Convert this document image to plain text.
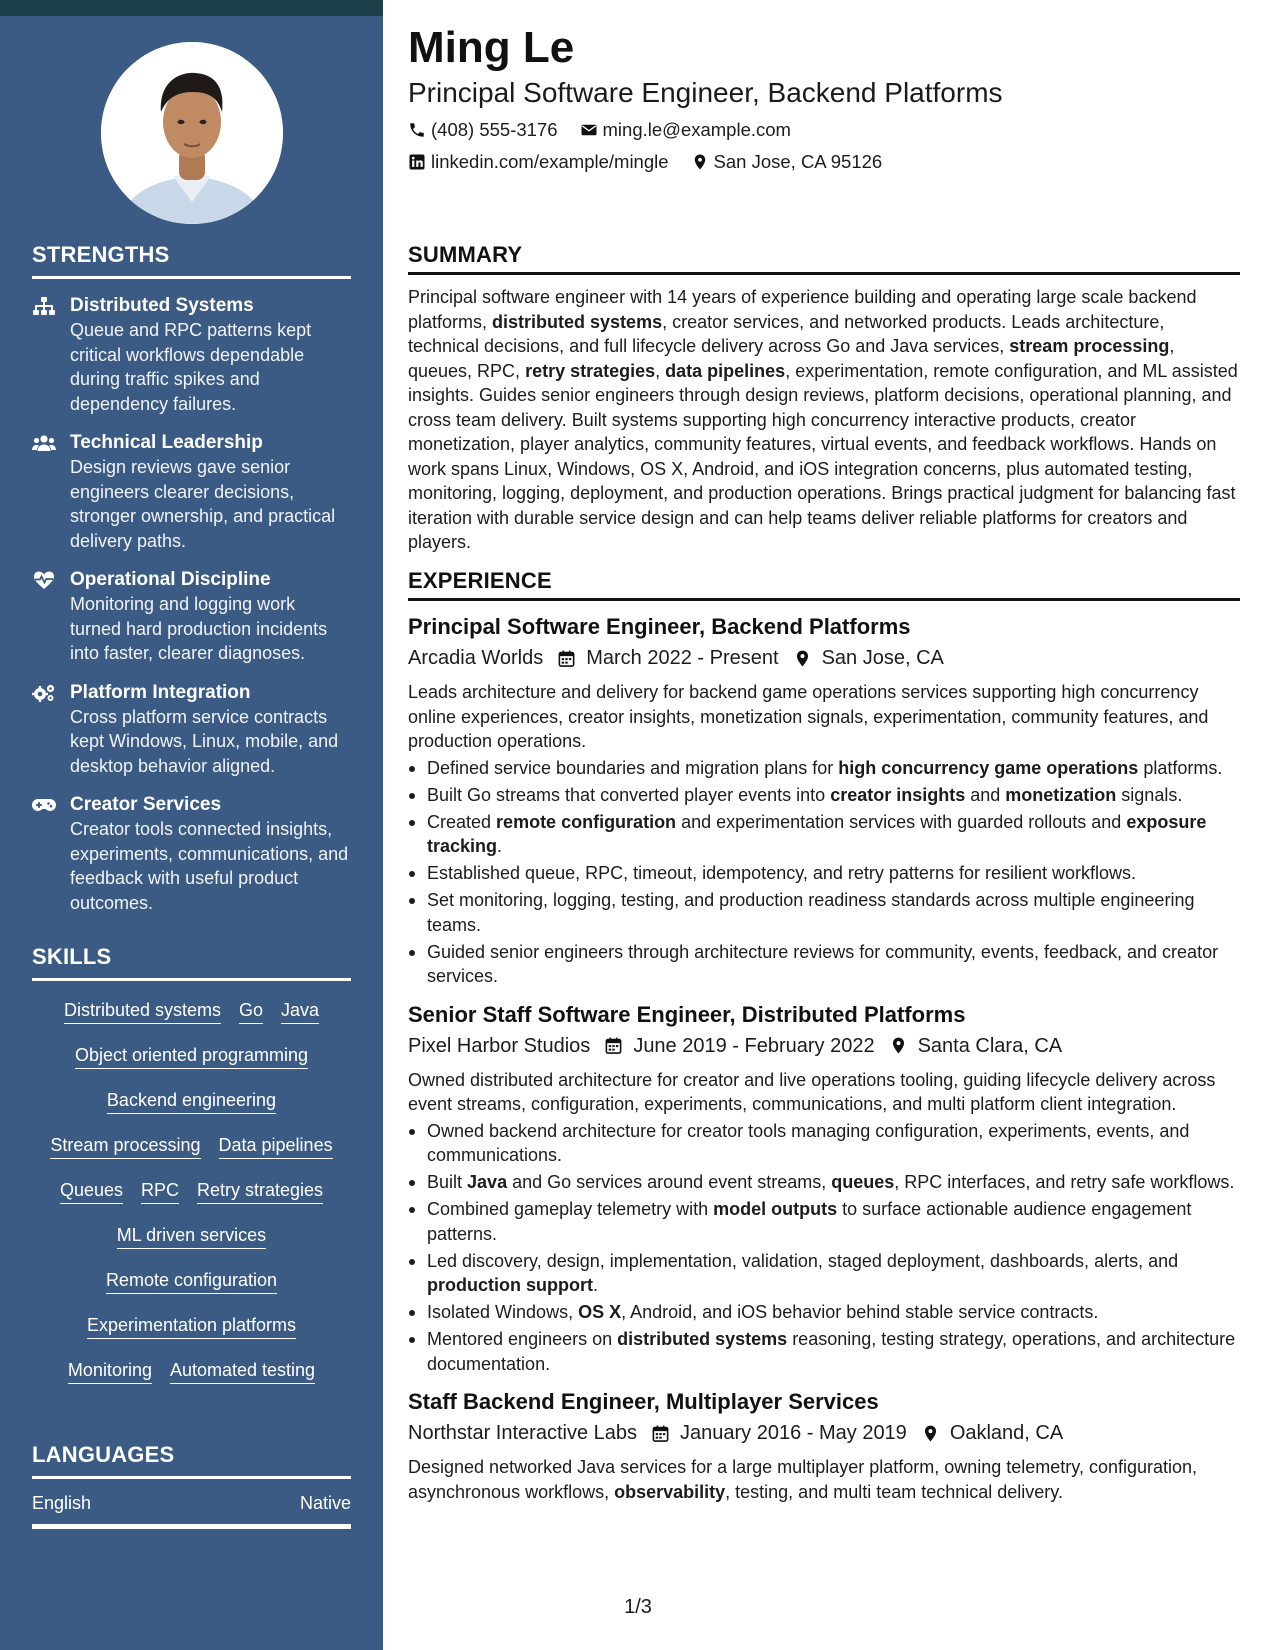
STRENGTHS
Distributed Systems
Queue and RPC patterns kept critical workflows dependable during traffic spikes and dependency failures.
Technical Leadership
Design reviews gave senior engineers clearer decisions, stronger ownership, and practical delivery paths.
Operational Discipline
Monitoring and logging work turned hard production incidents into faster, clearer diagnoses.
Platform Integration
Cross platform service contracts kept Windows, Linux, mobile, and desktop behavior aligned.
Creator Services
Creator tools connected insights, experiments, communications, and feedback with useful product outcomes.
SKILLS
Distributed systems Go Java
Object oriented programming
Backend engineering
Stream processing Data pipelines
Queues RPC Retry strategies
ML driven services
Remote configuration
Experimentation platforms
Monitoring Automated testing
LANGUAGES
English	Native
Ming Le
Principal Software Engineer, Backend Platforms
(408) 555-3176 ming.le@example.com
linkedin.com/example/mingle San Jose, CA 95126
SUMMARY

Principal software engineer with 14 years of experience building and operating large scale backend platforms, distributed systems, creator services, and networked products. Leads architecture, technical decisions, and full lifecycle delivery across Go and Java services, stream processing, queues, RPC, retry strategies, data pipelines, experimentation, remote configuration, and ML assisted insights. Guides senior engineers through design reviews, platform decisions, operational planning, and cross team delivery. Built systems supporting high concurrency interactive products, creator monetization, player analytics, community features, virtual events, and feedback workflows. Hands on work spans Linux, Windows, OS X, Android, and iOS integration concerns, plus automated testing, monitoring, logging, deployment, and production operations. Brings practical judgment for balancing fast iteration with durable service design and can help teams deliver reliable platforms for creators and players.

EXPERIENCE
Principal Software Engineer, Backend Platforms
Arcadia Worlds March 2022 - Present San Jose, CA

Leads architecture and delivery for backend game operations services supporting high concurrency online experiences, creator insights, monetization signals, experimentation, community features, and production operations.

Defined service boundaries and migration plans for high concurrency game operations platforms.
Built Go streams that converted player events into creator insights and monetization signals.
Created remote configuration and experimentation services with guarded rollouts and exposure tracking.
Established queue, RPC, timeout, idempotency, and retry patterns for resilient workflows.
Set monitoring, logging, testing, and production readiness standards across multiple engineering teams.
Guided senior engineers through architecture reviews for community, events, feedback, and creator services.
Senior Staff Software Engineer, Distributed Platforms
Pixel Harbor Studios June 2019 - February 2022 Santa Clara, CA

Owned distributed architecture for creator and live operations tooling, guiding lifecycle delivery across event streams, configuration, experiments, communications, and multi platform client integration.

Owned backend architecture for creator tools managing configuration, experiments, events, and communications.
Built Java and Go services around event streams, queues, RPC interfaces, and retry safe workflows.
Combined gameplay telemetry with model outputs to surface actionable audience engagement patterns.
Led discovery, design, implementation, validation, staged deployment, dashboards, alerts, and production support.
Isolated Windows, OS X, Android, and iOS behavior behind stable service contracts.
Mentored engineers on distributed systems reasoning, testing strategy, operations, and architecture documentation.
Staff Backend Engineer, Multiplayer Services
Northstar Interactive Labs January 2016 - May 2019 Oakland, CA

Designed networked Java services for a large multiplayer platform, owning telemetry, configuration, asynchronous workflows, observability, testing, and multi team technical delivery.

1/3
